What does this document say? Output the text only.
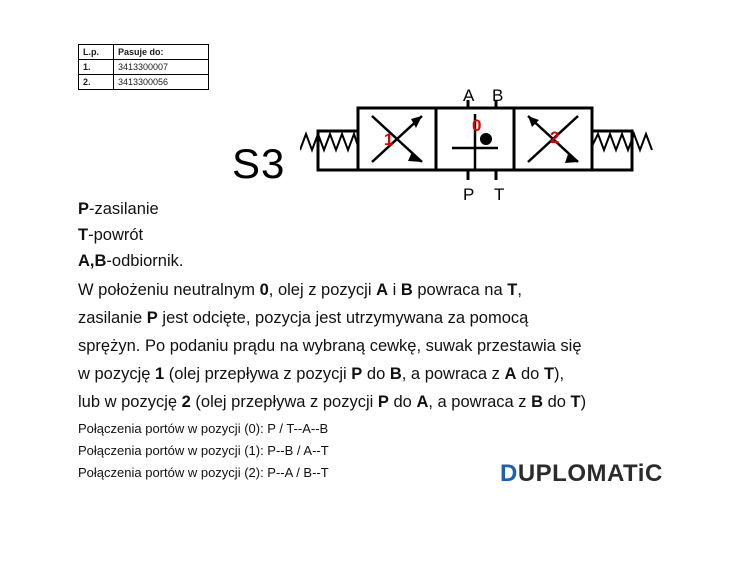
L.p.	Pasuje do:
1.	3413300007
2.	3413300056
A B
P T
1
0
2
S3
P-zasilanie
T-powrót
A,B-odbiornik.
W położeniu neutralnym 0, olej z pozycji A i B powraca na T,
zasilanie P jest odcięte, pozycja jest utrzymywana za pomocą
sprężyn. Po podaniu prądu na wybraną cewkę, suwak przestawia się
w pozycję 1 (olej przepływa z pozycji P do B, a powraca z A do T),
lub w pozycję 2 (olej przepływa z pozycji P do A, a powraca z B do T)
Połączenia portów w pozycji (0): P / T--A--B
Połączenia portów w pozycji (1): P--B / A--T
Połączenia portów w pozycji (2): P--A / B--T	DUPLOMATiC
